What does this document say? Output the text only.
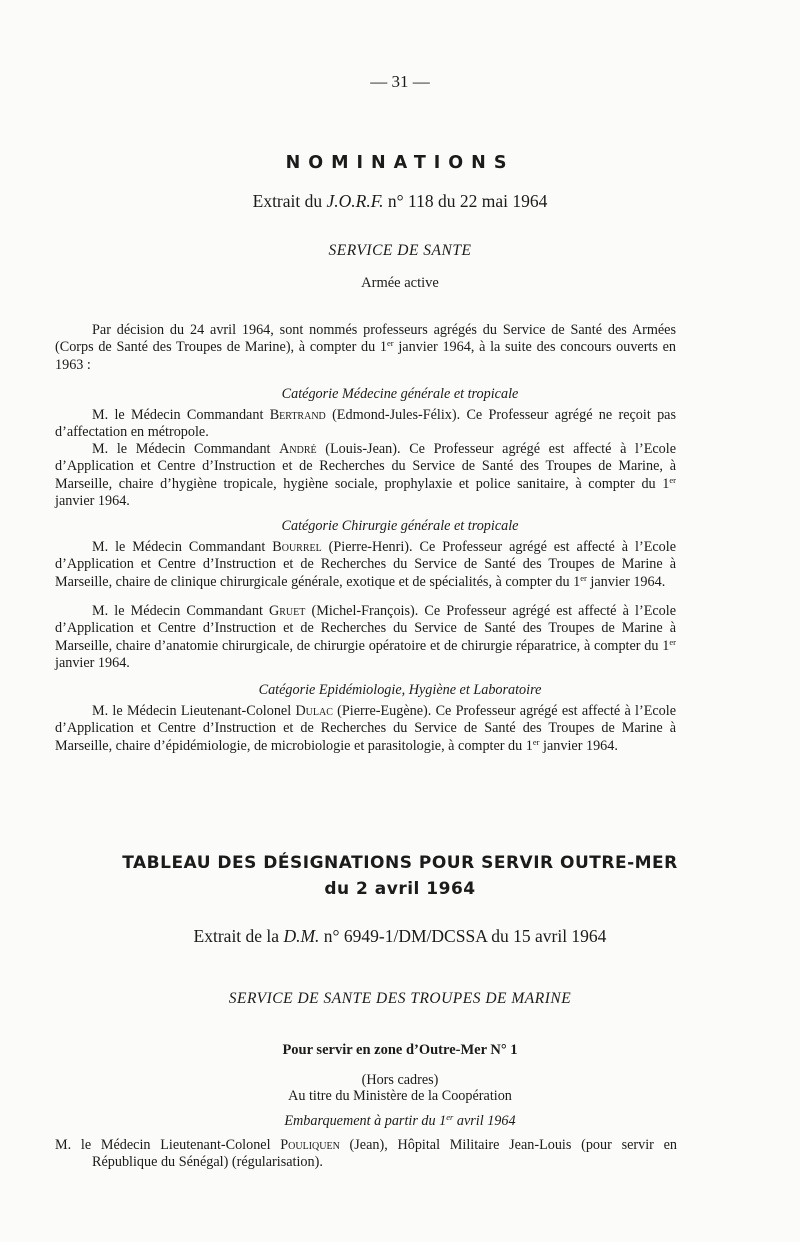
— 31 —
NOMINATIONS
Extrait du J.O.R.F. n° 118 du 22 mai 1964
SERVICE DE SANTE
Armée active
Par décision du 24 avril 1964, sont nommés professeurs agrégés du Service de Santé des Armées (Corps de Santé des Troupes de Marine), à compter du 1er janvier 1964, à la suite des concours ouverts en 1963 :
Catégorie Médecine générale et tropicale
M. le Médecin Commandant Bertrand (Edmond-Jules-Félix). Ce Professeur agrégé ne reçoit pas d’affectation en métropole.
M. le Médecin Commandant André (Louis-Jean). Ce Professeur agrégé est affecté à l’Ecole d’Application et Centre d’Instruction et de Recherches du Service de Santé des Troupes de Marine, à Marseille, chaire d’hygiène tropicale, hygiène sociale, prophylaxie et police sanitaire, à compter du 1er janvier 1964.
Catégorie Chirurgie générale et tropicale
M. le Médecin Commandant Bourrel (Pierre-Henri). Ce Professeur agrégé est affecté à l’Ecole d’Application et Centre d’Instruction et de Recherches du Service de Santé des Troupes de Marine à Marseille, chaire de clinique chirurgicale générale, exotique et de spécialités, à compter du 1er janvier 1964.
M. le Médecin Commandant Gruet (Michel-François). Ce Professeur agrégé est affecté à l’Ecole d’Application et Centre d’Instruction et de Recherches du Service de Santé des Troupes de Marine à Marseille, chaire d’anatomie chirurgicale, de chirurgie opératoire et de chirurgie réparatrice, à compter du 1er janvier 1964.
Catégorie Epidémiologie, Hygiène et Laboratoire
M. le Médecin Lieutenant-Colonel Dulac (Pierre-Eugène). Ce Professeur agrégé est affecté à l’Ecole d’Application et Centre d’Instruction et de Recherches du Service de Santé des Troupes de Marine à Marseille, chaire d’épidémiologie, de microbiologie et parasitologie, à compter du 1er janvier 1964.
TABLEAU DES DÉSIGNATIONS POUR SERVIR OUTRE-MER
du 2 avril 1964
Extrait de la D.M. n° 6949-1/DM/DCSSA du 15 avril 1964
SERVICE DE SANTE DES TROUPES DE MARINE
Pour servir en zone d’Outre-Mer N° 1
(Hors cadres)
Au titre du Ministère de la Coopération
Embarquement à partir du 1er avril 1964
M. le Médecin Lieutenant-Colonel Pouliquen (Jean), Hôpital Militaire Jean-Louis (pour servir en République du Sénégal) (régularisation).
